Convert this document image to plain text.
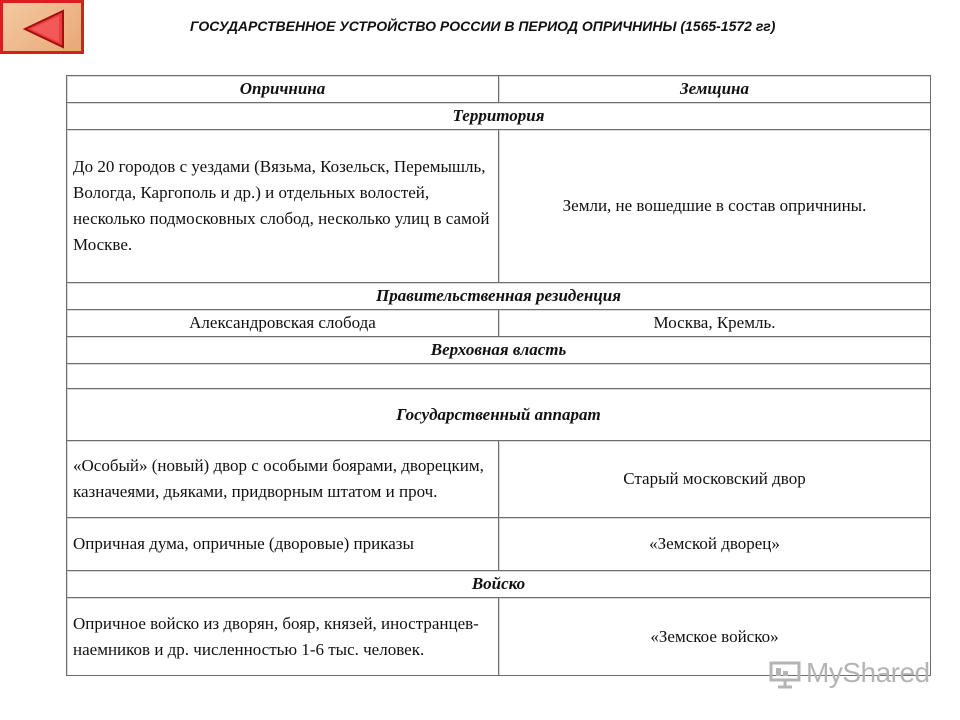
ГОСУДАРСТВЕННОЕ УСТРОЙСТВО РОССИИ В ПЕРИОД ОПРИЧНИНЫ (1565-1572 гг)
Опричнина	Земщина
Территория	
До 20 городов с уездами (Вязьма, Козельск, Перемышль, Вологда, Каргополь и др.) и отдельных волостей, несколько подмосковных слобод, несколько улиц в самой Москве.	Земли, не вошедшие в состав опричнины.
Правительственная резиденция	
Александровская слобода	Москва, Кремль.
Верховная власть	

Государственный аппарат	
«Особый» (новый) двор с особыми боярами, дворецким, казначеями, дьяками, придворным штатом и проч.	Старый московский двор
Опричная дума, опричные (дворовые) приказы	«Земской дворец»
Войско	
Опричное войско из дворян, бояр, князей, иностранцев-наемников и др. численностью 1-6 тыс. человек.	«Земское войско»
MyShared
